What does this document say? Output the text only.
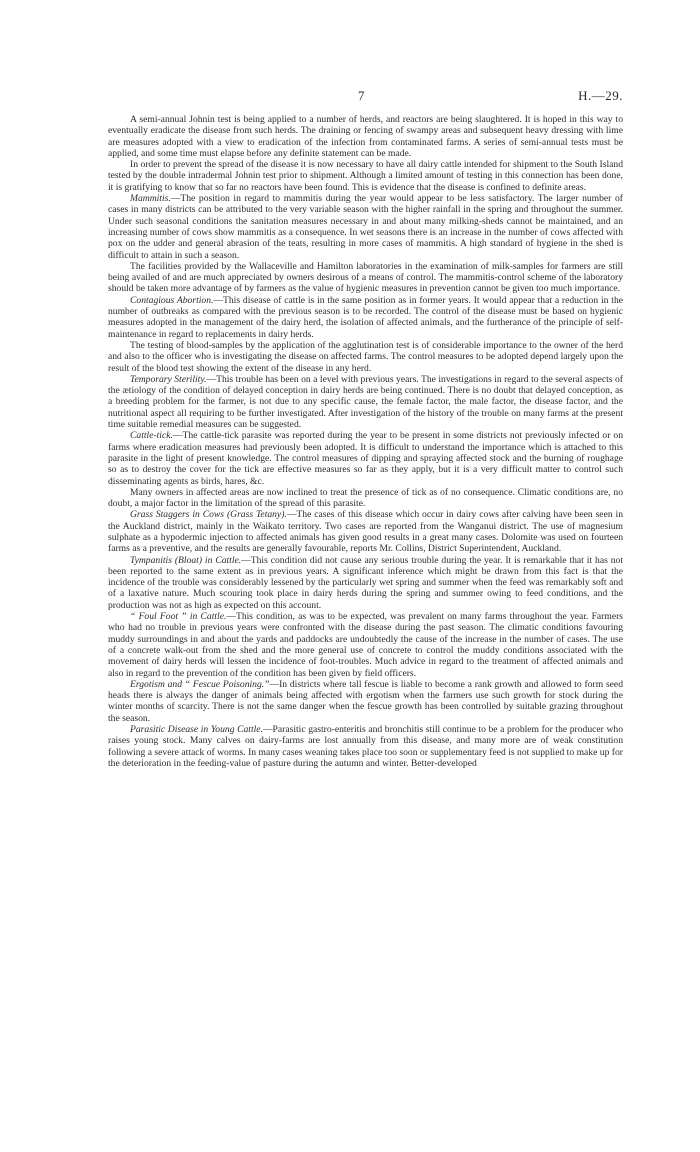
7	H.—29.

A semi-annual Johnin test is being applied to a number of herds, and reactors are being slaughtered. It is hoped in this way to eventually eradicate the disease from such herds. The draining or fencing of swampy areas and subsequent heavy dressing with lime are measures adopted with a view to eradication of the infection from contaminated farms. A series of semi-annual tests must be applied, and some time must elapse before any definite statement can be made.

In order to prevent the spread of the disease it is now necessary to have all dairy cattle intended for shipment to the South Island tested by the double intradermal Johnin test prior to shipment. Although a limited amount of testing in this connection has been done, it is gratifying to know that so far no reactors have been found. This is evidence that the disease is confined to definite areas.

Mammitis.—The position in regard to mammitis during the year would appear to be less satisfactory. The larger number of cases in many districts can be attributed to the very variable season with the higher rainfall in the spring and throughout the summer. Under such seasonal conditions the sanitation measures necessary in and about many milking-sheds cannot be maintained, and an increasing number of cows show mammitis as a consequence. In wet seasons there is an increase in the number of cows affected with pox on the udder and general abrasion of the teats, resulting in more cases of mammitis. A high standard of hygiene in the shed is difficult to attain in such a season.

The facilities provided by the Wallaceville and Hamilton laboratories in the examination of milk-samples for farmers are still being availed of and are much appreciated by owners desirous of a means of control. The mammitis-control scheme of the laboratory should be taken more advantage of by farmers as the value of hygienic measures in prevention cannot be given too much importance.

Contagious Abortion.—This disease of cattle is in the same position as in former years. It would appear that a reduction in the number of outbreaks as compared with the previous season is to be recorded. The control of the disease must be based on hygienic measures adopted in the management of the dairy herd, the isolation of affected animals, and the furtherance of the principle of self-maintenance in regard to replacements in dairy herds.

The testing of blood-samples by the application of the agglutination test is of considerable importance to the owner of the herd and also to the officer who is investigating the disease on affected farms. The control measures to be adopted depend largely upon the result of the blood test showing the extent of the disease in any herd.

Temporary Sterility.—This trouble has been on a level with previous years. The investigations in regard to the several aspects of the ætiology of the condition of delayed conception in dairy herds are being continued. There is no doubt that delayed conception, as a breeding problem for the farmer, is not due to any specific cause, the female factor, the male factor, the disease factor, and the nutritional aspect all requiring to be further investigated. After investigation of the history of the trouble on many farms at the present time suitable remedial measures can be suggested.

Cattle-tick.—The cattle-tick parasite was reported during the year to be present in some districts not previously infected or on farms where eradication measures had previously been adopted. It is difficult to understand the importance which is attached to this parasite in the light of present knowledge. The control measures of dipping and spraying affected stock and the burning of roughage so as to destroy the cover for the tick are effective measures so far as they apply, but it is a very difficult matter to control such disseminating agents as birds, hares, &c.

Many owners in affected areas are now inclined to treat the presence of tick as of no consequence. Climatic conditions are, no doubt, a major factor in the limitation of the spread of this parasite.

Grass Staggers in Cows (Grass Tetany).—The cases of this disease which occur in dairy cows after calving have been seen in the Auckland district, mainly in the Waikato territory. Two cases are reported from the Wanganui district. The use of magnesium sulphate as a hypodermic injection to affected animals has given good results in a great many cases. Dolomite was used on fourteen farms as a preventive, and the results are generally favourable, reports Mr. Collins, District Superintendent, Auckland.

Tympanitis (Bloat) in Cattle.—This condition did not cause any serious trouble during the year. It is remarkable that it has not been reported to the same extent as in previous years. A significant inference which might be drawn from this fact is that the incidence of the trouble was considerably lessened by the particularly wet spring and summer when the feed was remarkably soft and of a laxative nature. Much scouring took place in dairy herds during the spring and summer owing to feed conditions, and the production was not as high as expected on this account.

“ Foul Foot ” in Cattle.—This condition, as was to be expected, was prevalent on many farms throughout the year. Farmers who had no trouble in previous years were confronted with the disease during the past season. The climatic conditions favouring muddy surroundings in and about the yards and paddocks are undoubtedly the cause of the increase in the number of cases. The use of a concrete walk-out from the shed and the more general use of concrete to control the muddy conditions associated with the movement of dairy herds will lessen the incidence of foot-troubles. Much advice in regard to the treatment of affected animals and also in regard to the prevention of the condition has been given by field officers.

Ergotism and “ Fescue Poisoning.”—In districts where tall fescue is liable to become a rank growth and allowed to form seed heads there is always the danger of animals being affected with ergotism when the farmers use such growth for stock during the winter months of scarcity. There is not the same danger when the fescue growth has been controlled by suitable grazing throughout the season.

Parasitic Disease in Young Cattle.—Parasitic gastro-enteritis and bronchitis still continue to be a problem for the producer who raises young stock. Many calves on dairy-farms are lost annually from this disease, and many more are of weak constitution following a severe attack of worms. In many cases weaning takes place too soon or supplementary feed is not supplied to make up for the deterioration in the feeding-value of pasture during the autumn and winter. Better-developed
